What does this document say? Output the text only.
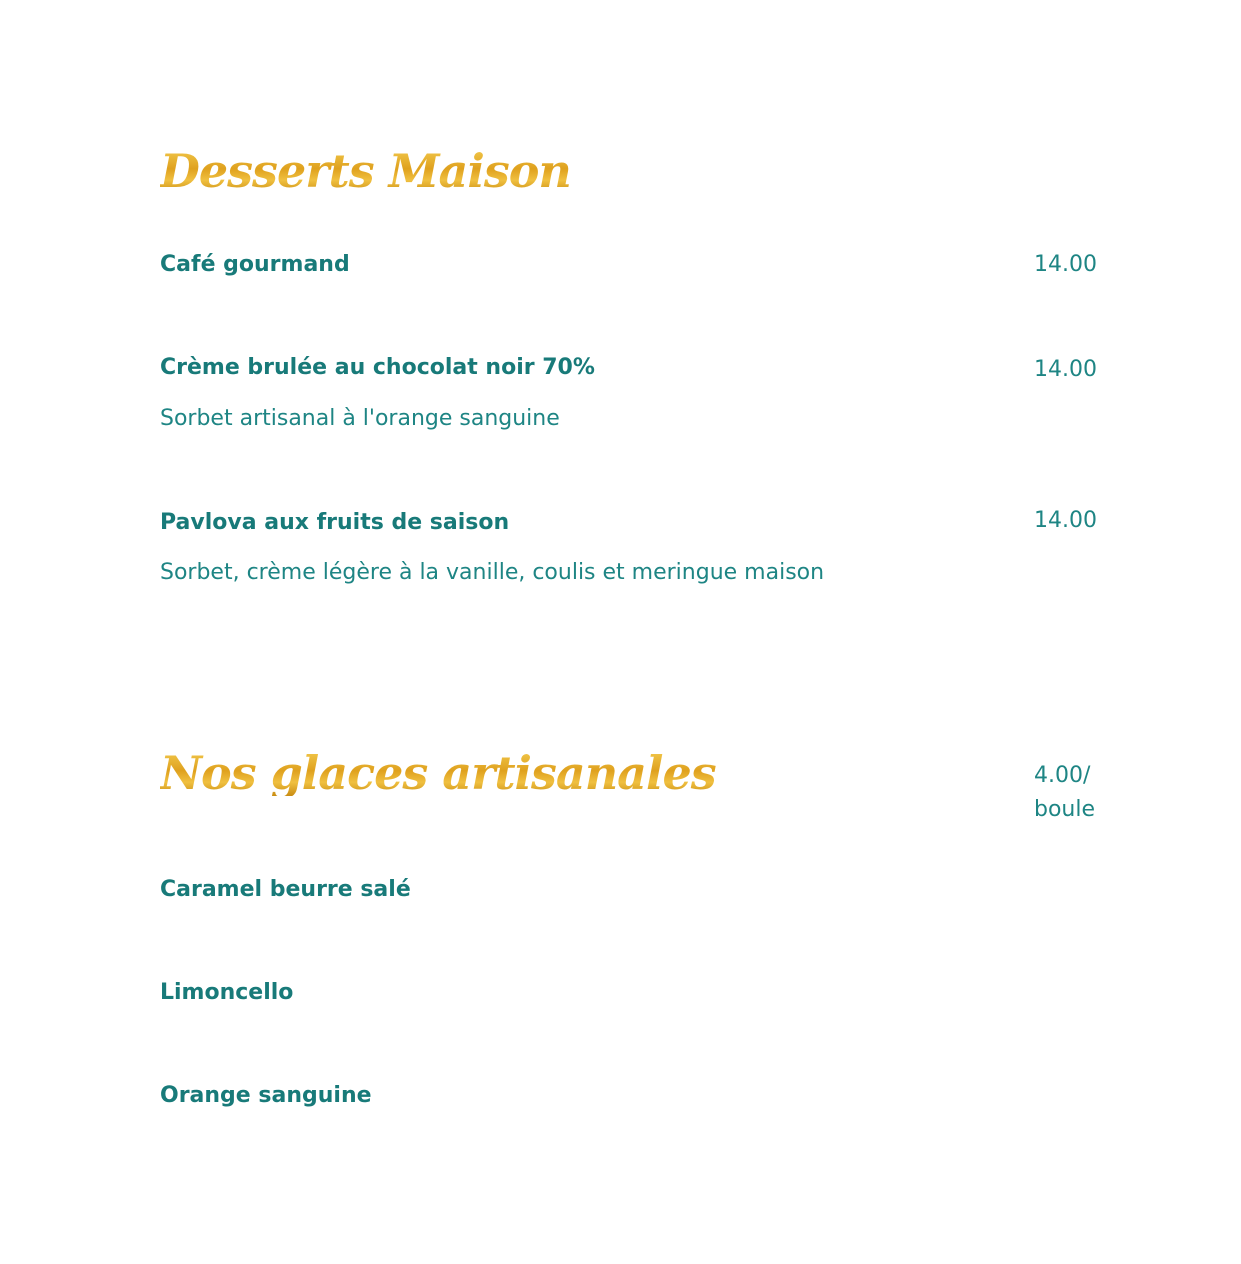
Desserts Maison
Café gourmand	14.00
Crème brulée au chocolat noir 70%	14.00
Sorbet artisanal à l'orange sanguine
Pavlova aux fruits de saison	14.00
Sorbet, crème légère à la vanille, coulis et meringue maison
Nos glaces artisanales	4.00/
boule
Caramel beurre salé
Limoncello
Orange sanguine
